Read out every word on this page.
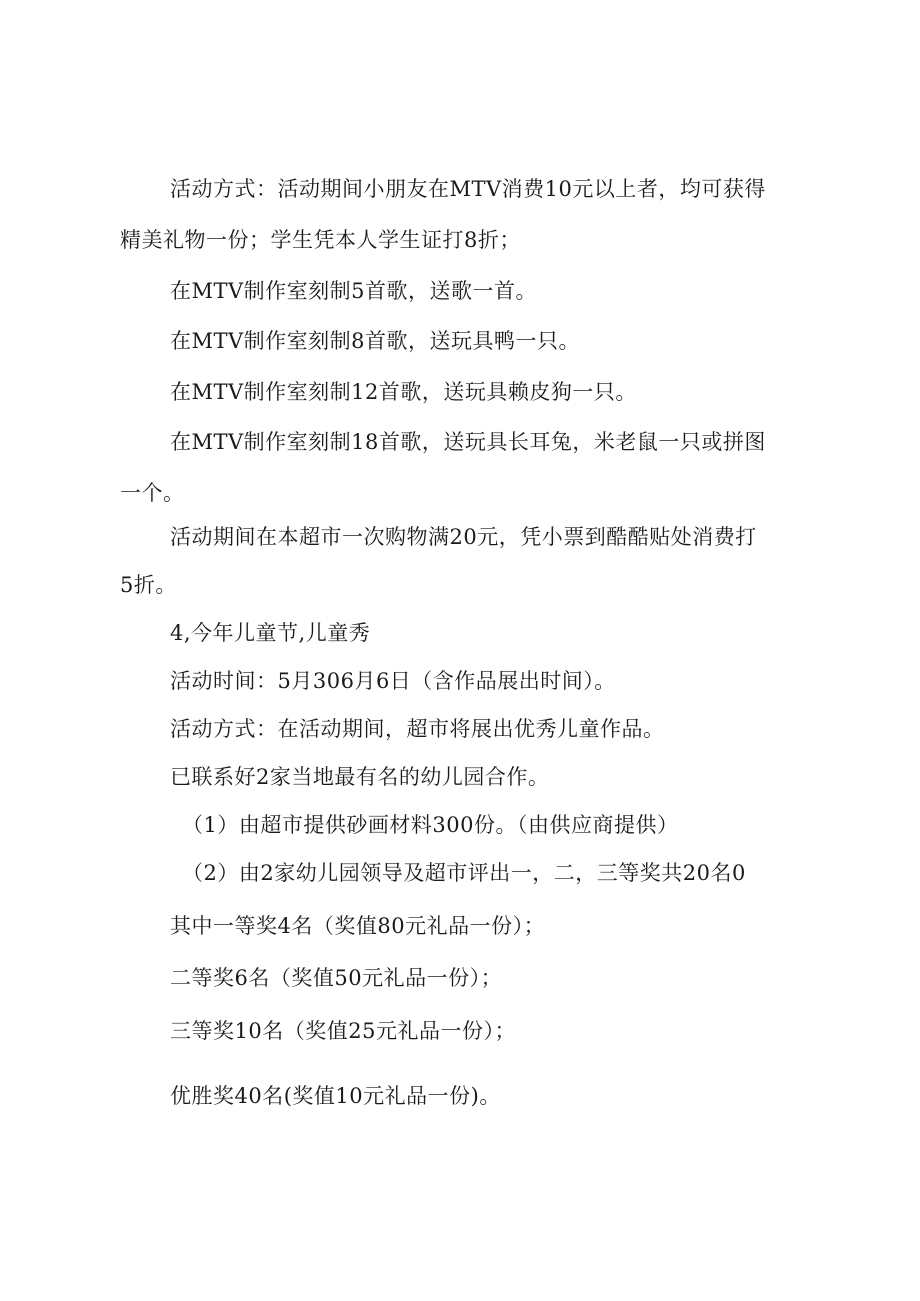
活动方式：活动期间小朋友在MTV消费10元以上者，均可获得

精美礼物一份；学生凭本人学生证打8折；

在MTV制作室刻制5首歌，送歌一首。

在MTV制作室刻制8首歌，送玩具鸭一只。

在MTV制作室刻制12首歌，送玩具赖皮狗一只。

在MTV制作室刻制18首歌，送玩具长耳兔，米老鼠一只或拼图

一个。

活动期间在本超市一次购物满20元，凭小票到酷酷贴处消费打

5折。

4,今年儿童节,儿童秀

活动时间：5月306月6日（含作品展出时间）。

活动方式：在活动期间，超市将展出优秀儿童作品。

已联系好2家当地最有名的幼儿园合作。

（1）由超市提供砂画材料300份。（由供应商提供）

（2）由2家幼儿园领导及超市评出一，二，三等奖共20名0

其中一等奖4名（奖值80元礼品一份）；

二等奖6名（奖值50元礼品一份）；

三等奖10名（奖值25元礼品一份）；

优胜奖40名(奖值10元礼品一份)。
